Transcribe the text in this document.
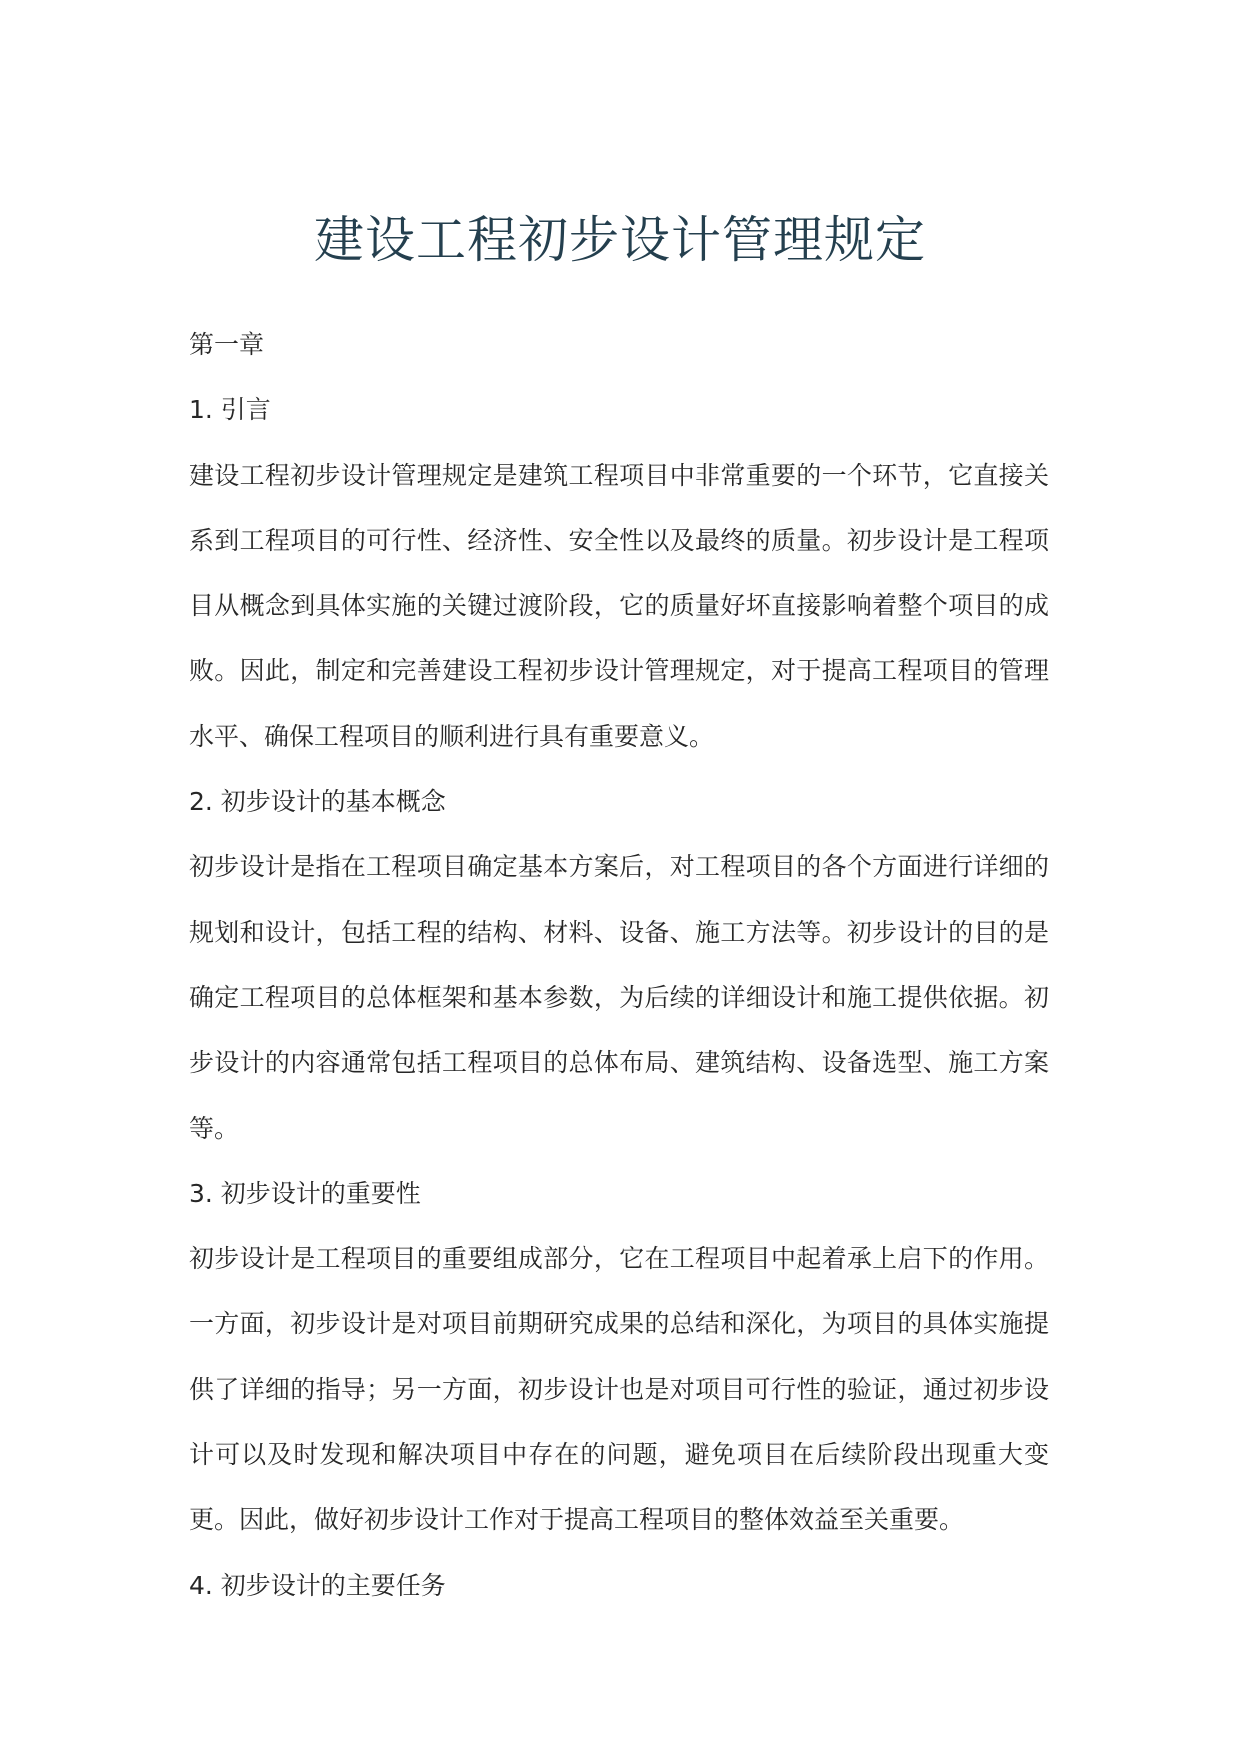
建设工程初步设计管理规定
第一章
1. 引言
建设工程初步设计管理规定是建筑工程项目中非常重要的一个环节，它直接关
系到工程项目的可行性、经济性、安全性以及最终的质量。初步设计是工程项
目从概念到具体实施的关键过渡阶段，它的质量好坏直接影响着整个项目的成
败。因此，制定和完善建设工程初步设计管理规定，对于提高工程项目的管理
水平、确保工程项目的顺利进行具有重要意义。
2. 初步设计的基本概念
初步设计是指在工程项目确定基本方案后，对工程项目的各个方面进行详细的
规划和设计，包括工程的结构、材料、设备、施工方法等。初步设计的目的是
确定工程项目的总体框架和基本参数，为后续的详细设计和施工提供依据。初
步设计的内容通常包括工程项目的总体布局、建筑结构、设备选型、施工方案
等。
3. 初步设计的重要性
初步设计是工程项目的重要组成部分，它在工程项目中起着承上启下的作用。
一方面，初步设计是对项目前期研究成果的总结和深化，为项目的具体实施提
供了详细的指导；另一方面，初步设计也是对项目可行性的验证，通过初步设
计可以及时发现和解决项目中存在的问题，避免项目在后续阶段出现重大变
更。因此，做好初步设计工作对于提高工程项目的整体效益至关重要。
4. 初步设计的主要任务
